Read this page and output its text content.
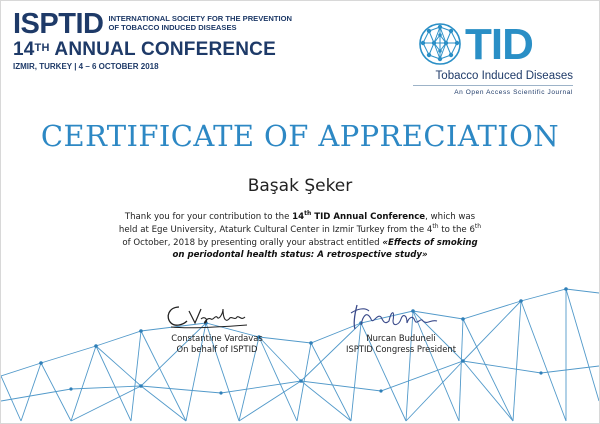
ISPTID INTERNATIONAL SOCIETY FOR THE PREVENTION
OF TOBACCO INDUCED DISEASES
14TH ANNUAL CONFERENCE
IZMIR, TURKEY | 4 – 6 OCTOBER 2018	TID
Tobacco Induced Diseases
An Open Access Scientific Journal
CERTIFICATE OF APPRECIATION
Başak Şeker
Thank you for your contribution to the 14th TID Annual Conference, which was held at Ege University, Ataturk Cultural Center in Izmir Turkey from the 4th to the 6th of October, 2018 by presenting orally your abstract entitled «Effects of smoking on periodontal health status: A retrospective study»
Constantine Vardavas
On behalf of ISPTID
Nurcan Buduneli
ISPTID Congress President
